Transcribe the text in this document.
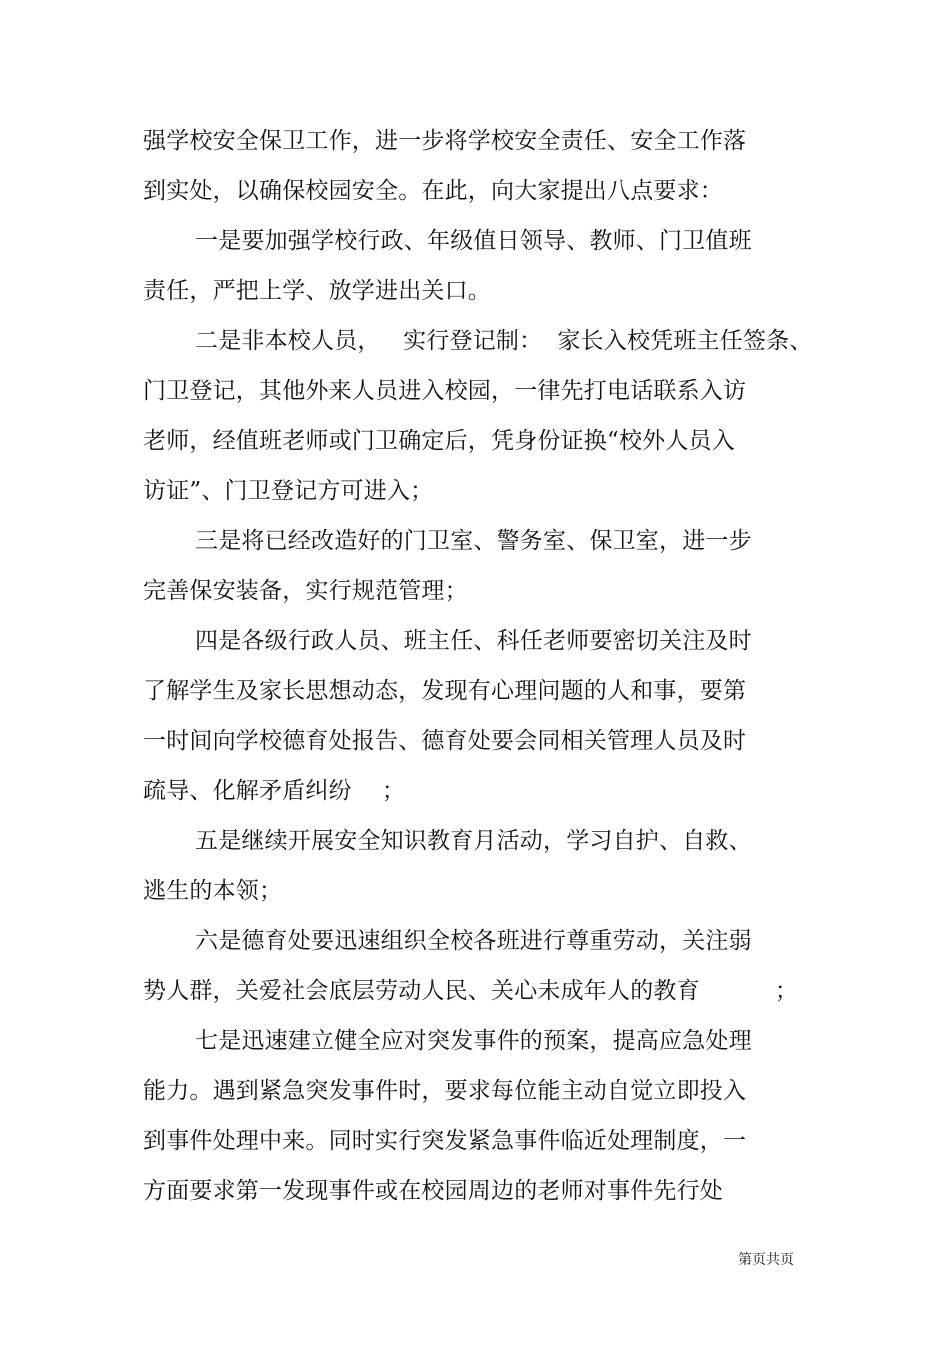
强学校安全保卫工作，进一步将学校安全责任、安全工作落
到实处，以确保校园安全。在此，向大家提出八点要求：
一是要加强学校行政、年级值日领导、教师、门卫值班
责任，严把上学、放学进出关口。
二是非本校人员，   实行登记制：  家长入校凭班主任签条、
门卫登记，其他外来人员进入校园，一律先打电话联系入访
老师，经值班老师或门卫确定后，凭身份证换“校外人员入
访证”、门卫登记方可进入；
三是将已经改造好的门卫室、警务室、保卫室，进一步
完善保安装备，实行规范管理；
四是各级行政人员、班主任、科任老师要密切关注及时
了解学生及家长思想动态，发现有心理问题的人和事，要第
一时间向学校德育处报告、德育处要会同相关管理人员及时
疏导、化解矛盾纠纷    ；
五是继续开展安全知识教育月活动，学习自护、自救、
逃生的本领；
六是德育处要迅速组织全校各班进行尊重劳动，关注弱
势人群，关爱社会底层劳动人民、关心未成年人的教育          ；
七是迅速建立健全应对突发事件的预案，提高应急处理
能力。遇到紧急突发事件时，要求每位能主动自觉立即投入
到事件处理中来。同时实行突发紧急事件临近处理制度，一
方面要求第一发现事件或在校园周边的老师对事件先行处
第页共页
